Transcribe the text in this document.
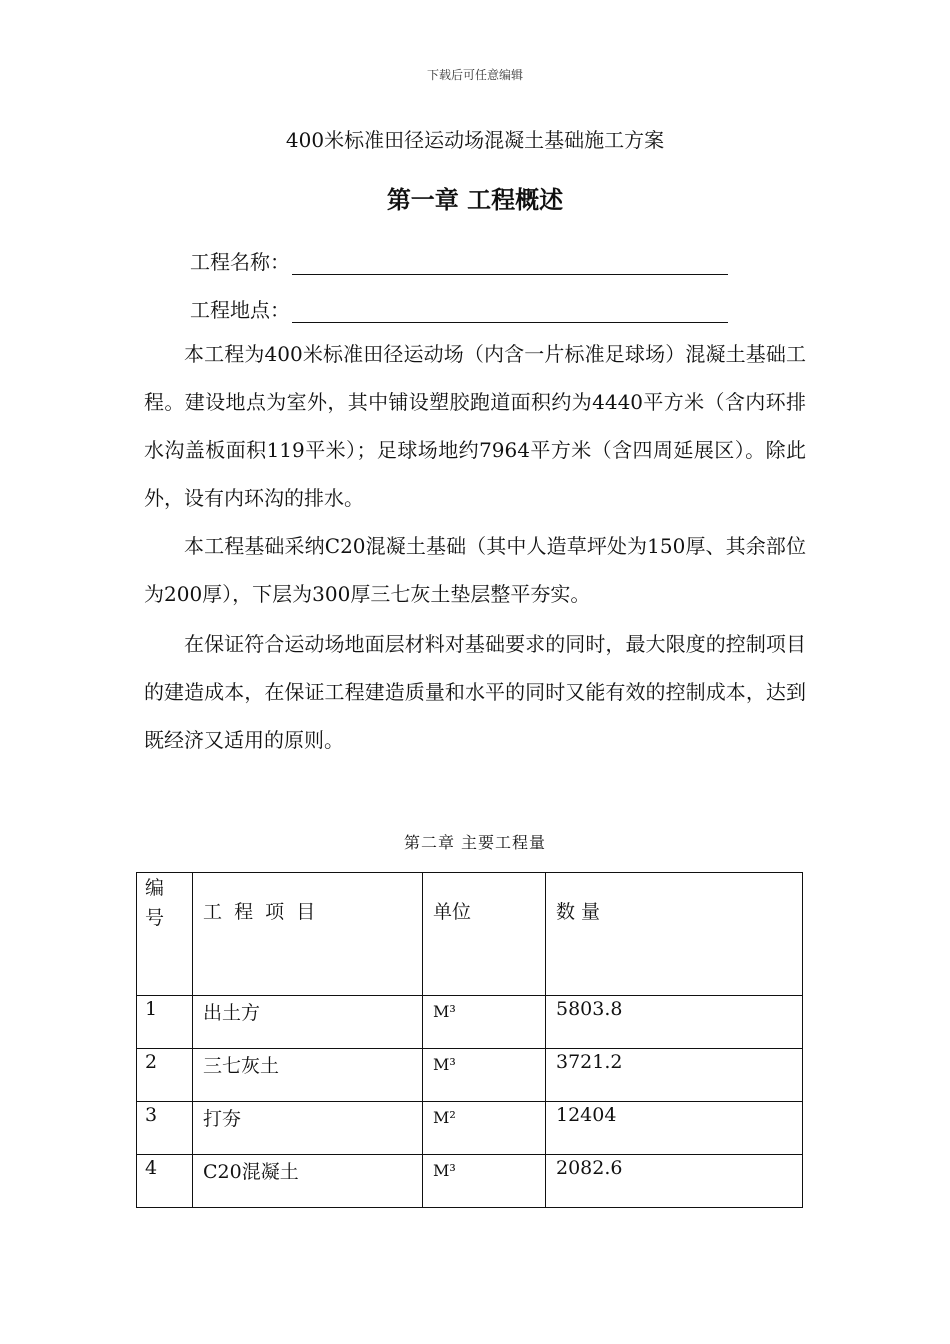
下载后可任意编辑
400米标准田径运动场混凝土基础施工方案
第一章 工程概述
工程名称：
工程地点：

本工程为400米标准田径运动场（内含一片标准足球场）混凝土基础工程。建设地点为室外，其中铺设塑胶跑道面积约为4440平方米（含内环排水沟盖板面积119平米）；足球场地约7964平方米（含四周延展区）。除此外，设有内环沟的排水。

本工程基础采纳C20混凝土基础（其中人造草坪处为150厚、其余部位为200厚），下层为300厚三七灰土垫层整平夯实。

在保证符合运动场地面层材料对基础要求的同时，最大限度的控制项目的建造成本，在保证工程建造质量和水平的同时又能有效的控制成本，达到既经济又适用的原则。

第二章 主要工程量
编
号	工  程  项  目	单位	数 量
1	出土方	M³	5803.8
2	三七灰土	M³	3721.2
3	打夯	M²	12404
4	C20混凝土	M³	2082.6
